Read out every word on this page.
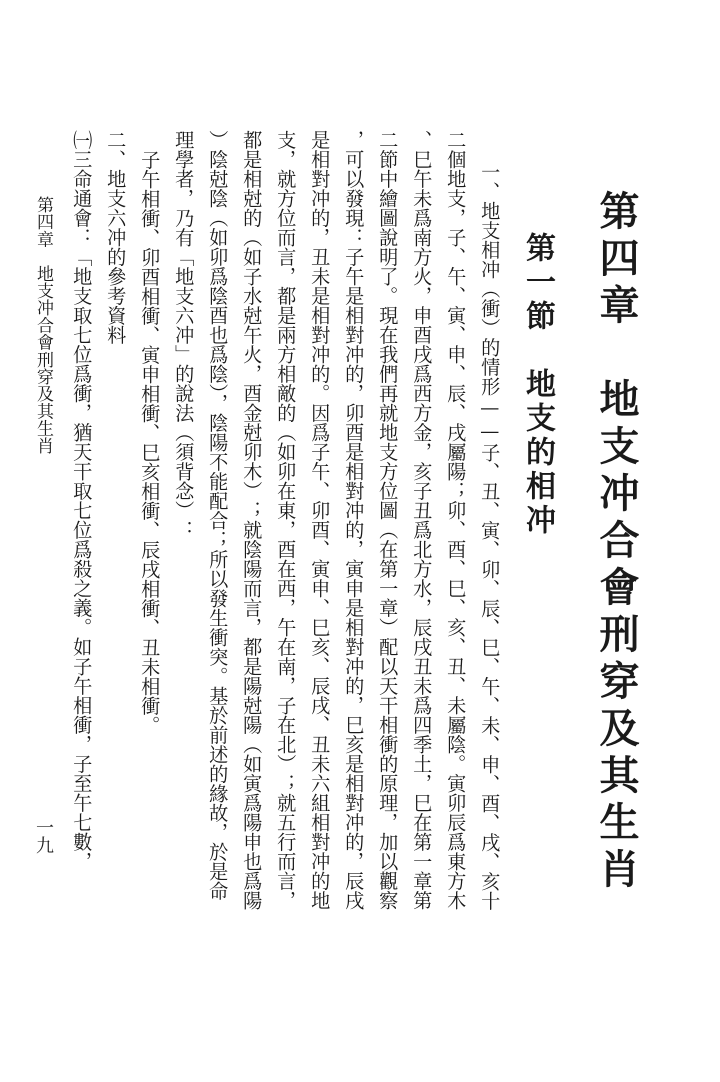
第四章　地支冲合會刑穿及其生肖
第一節　地支的相冲

一、地支相冲（衝）的情形——子、丑、寅、卯、辰、巳、午、未、申、酉、戌、亥十

二個地支，子、午、寅、申、辰、戌屬陽；卯、酉、巳、亥、丑、未屬陰。寅卯辰爲東方木

、巳午未爲南方火，申酉戌爲西方金，亥子丑爲北方水，辰戌丑未爲四季土，巳在第一章第

二節中繪圖說明了。現在我們再就地支方位圖（在第一章）配以天干相衝的原理，加以觀察

，可以發現：子午是相對冲的，卯酉是相對冲的，寅申是相對冲的，巳亥是相對冲的，辰戌

是相對冲的，丑未是相對冲的。因爲子午、卯酉、寅申、巳亥、辰戌、丑未六組相對冲的地

支，就方位而言，都是兩方相敵的（如卯在東，酉在西，午在南，子在北）；就五行而言，

都是相尅的（如子水尅午火，酉金尅卯木）；就陰陽而言，都是陽尅陽（如寅爲陽申也爲陽

）陰尅陰（如卯爲陰酉也爲陰），陰陽不能配合；所以發生衝突。基於前述的緣故，於是命

理學者，乃有「地支六冲」的說法（須背念）：

子午相衝、卯酉相衝、寅申相衝、巳亥相衝、辰戌相衝、丑未相衝。

二、地支六冲的參考資料

㈠三命通會：「地支取七位爲衝，猶天干取七位爲殺之義。如子午相衝，子至午七數，

第四章　地支冲合會刑穿及其生肖
一九
